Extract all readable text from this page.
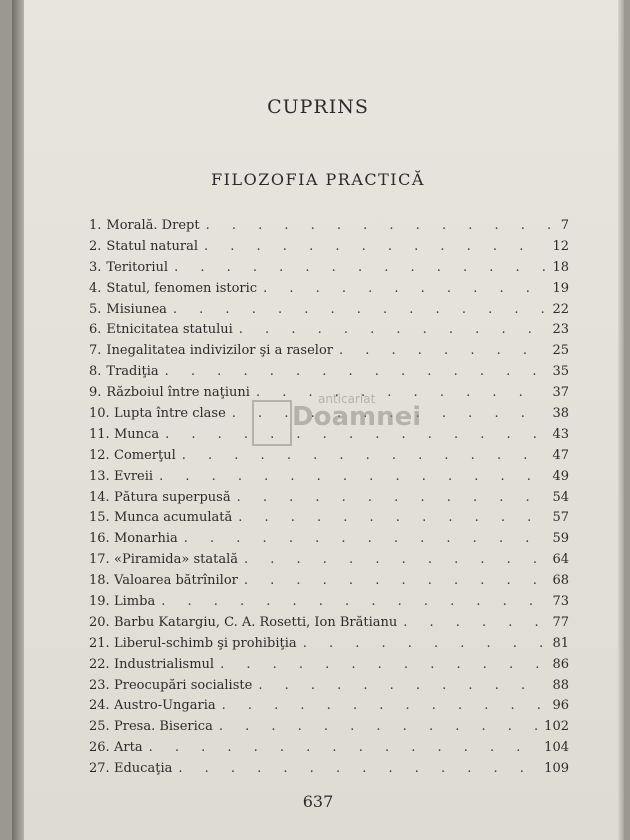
CUPRINS
FILOZOFIA PRACTICĂ
1. Morală. Drept . . .	7
2. Statul natural . . .	12
3. Teritoriul . . .	18
4. Statul, fenomen istoric . . .	19
5. Misiunea . . .	22
6. Etnicitatea statului . . .	23
7. Inegalitatea indivizilor şi a raselor . . .	25
8. Tradiţia . . .	35
9. Războiul între naţiuni . . .	37
10. Lupta între clase . . .	38
11. Munca . . .	43
12. Comerţul . . .	47
13. Evreii . . .	49
14. Pătura superpusă . . .	54
15. Munca acumulată . . .	57
16. Monarhia . . .	59
17. «Piramida» statală . . .	64
18. Valoarea bătrînilor . . .	68
19. Limba . . .	73
20. Barbu Katargiu, C. A. Rosetti, Ion Brătianu . . .	77
21. Liberul-schimb şi prohibiţia . . .	81
22. Industrialismul . . .	86
23. Preocupări socialiste . . .	88
24. Austro-Ungaria . . .	96
25. Presa. Biserica . . .	102
26. Arta . . .	104
27. Educaţia . . .	109
anticariat
Doamnei
637
